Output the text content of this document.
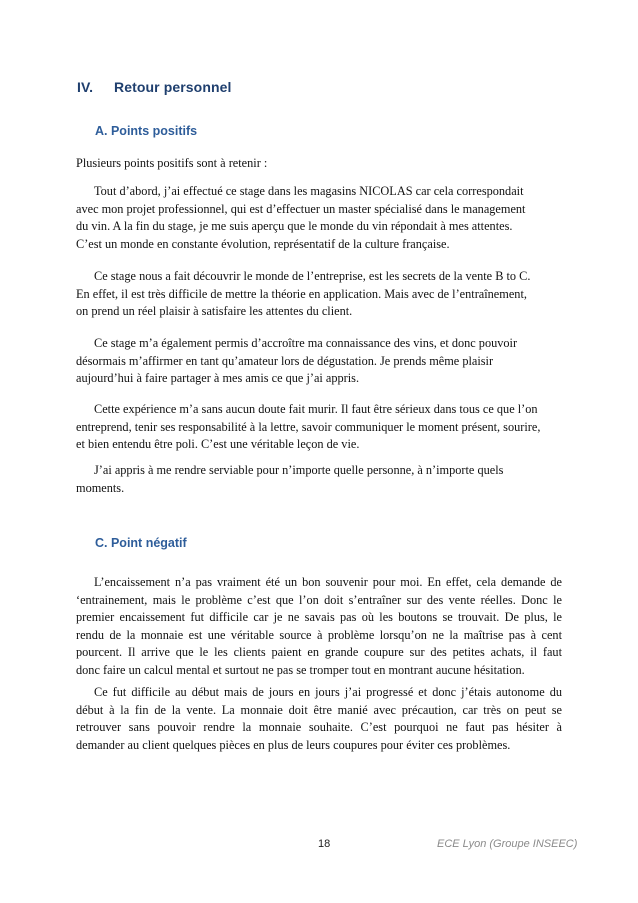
IV. Retour personnel
A. Points positifs
Plusieurs points positifs sont à retenir :

Tout d’abord, j’ai effectué ce stage dans les magasins NICOLAS car cela correspondait
avec mon projet professionnel, qui est d’effectuer un master spécialisé dans le management
du vin. A la fin du stage, je me suis aperçu que le monde du vin répondait à mes attentes.
C’est un monde en constante évolution, représentatif de la culture française.

Ce stage nous a fait découvrir le monde de l’entreprise, est les secrets de la vente B to C.
En effet, il est très difficile de mettre la théorie en application. Mais avec de l’entraînement,
on prend un réel plaisir à satisfaire les attentes du client.

Ce stage m’a également permis d’accroître ma connaissance des vins, et donc pouvoir
désormais m’affirmer en tant qu’amateur lors de dégustation. Je prends même plaisir
aujourd’hui à faire partager à mes amis ce que j’ai appris.

Cette expérience m’a sans aucun doute fait murir. Il faut être sérieux dans tous ce que l’on
entreprend, tenir ses responsabilité à la lettre, savoir communiquer le moment présent, sourire,
et bien entendu être poli. C’est une véritable leçon de vie.

J’ai appris à me rendre serviable pour n’importe quelle personne, à n’importe quels
moments.

C. Point négatif

L’encaissement n’a pas vraiment été un bon souvenir pour moi. En effet, cela demande de
‘entrainement, mais le problème c’est que l’on doit s’entraîner sur des vente réelles. Donc le
premier encaissement fut difficile car je ne savais pas où les boutons se trouvait. De plus, le
rendu de la monnaie est une véritable source à problème lorsqu’on ne la maîtrise pas à cent
pourcent. Il arrive que le les clients paient en grande coupure sur des petites achats, il faut
donc faire un calcul mental et surtout ne pas se tromper tout en montrant aucune hésitation.

Ce fut difficile au début mais de jours en jours j’ai progressé et donc j’étais autonome du
début à la fin de la vente. La monnaie doit être manié avec précaution, car très on peut se
retrouver sans pouvoir rendre la monnaie souhaite. C’est pourquoi ne faut pas hésiter à
demander au client quelques pièces en plus de leurs coupures pour éviter ces problèmes.

18	ECE Lyon (Groupe INSEEC)
